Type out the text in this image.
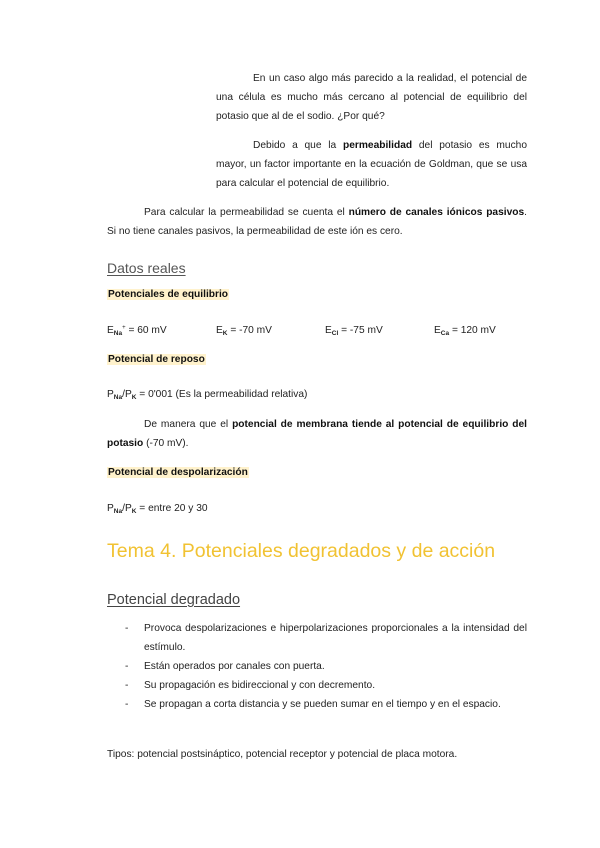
En un caso algo más parecido a la realidad, el potencial de una célula es mucho más cercano al potencial de equilibrio del potasio que al de el sodio. ¿Por qué?
Debido a que la permeabilidad del potasio es mucho mayor, un factor importante en la ecuación de Goldman, que se usa para calcular el potencial de equilibrio.
Para calcular la permeabilidad se cuenta el número de canales iónicos pasivos. Si no tiene canales pasivos, la permeabilidad de este ión es cero.
Datos reales
Potenciales de equilibrio
ENa+ = 60 mV	EK = -70 mV	ECl = -75 mV	ECa = 120 mV
Potencial de reposo
PNa/PK = 0'001 (Es la permeabilidad relativa)
De manera que el potencial de membrana tiende al potencial de equilibrio del potasio (-70 mV).
Potencial de despolarización
PNa/PK = entre 20 y 30
Tema 4. Potenciales degradados y de acción
Potencial degradado
- Provoca despolarizaciones e hiperpolarizaciones proporcionales a la intensidad del estímulo.
- Están operados por canales con puerta.
- Su propagación es bidireccional y con decremento.
- Se propagan a corta distancia y se pueden sumar en el tiempo y en el espacio.
Tipos: potencial postsináptico, potencial receptor y potencial de placa motora.
